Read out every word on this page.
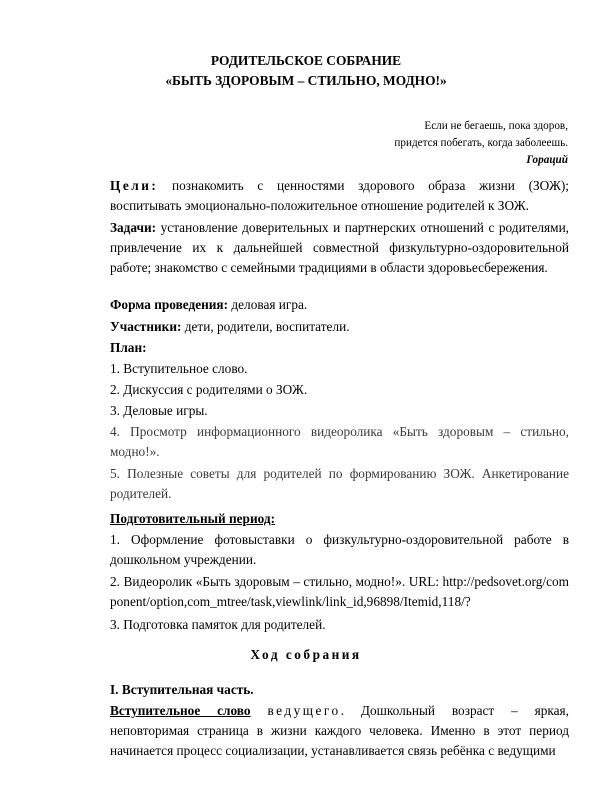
РОДИТЕЛЬСКОЕ СОБРАНИЕ
«БЫТЬ ЗДОРОВЫМ – СТИЛЬНО, МОДНО!»
Если не бегаешь, пока здоров,
придется побегать, когда заболеешь.
Гораций

Цели: познакомить с ценностями здорового образа жизни (ЗОЖ); воспитывать эмоционально-положительное отношение родителей к ЗОЖ.

Задачи: установление доверительных и партнерских отношений с родителями, привлечение их к дальнейшей совместной физкультурно-оздоровительной работе; знакомство с семейными традициями в области здоровьесбережения.

Форма проведения: деловая игра.
Участники: дети, родители, воспитатели.
План:
1. Вступительное слово.
2. Дискуссия с родителями о ЗОЖ.
3. Деловые игры.

4. Просмотр информационного видеоролика «Быть здоровым – стильно, модно!».

5. Полезные советы для родителей по формированию ЗОЖ. Анкетирование родителей.

Подготовительный период:

1. Оформление фотовыставки о физкультурно-оздоровительной работе в дошкольном учреждении.

2. Видеоролик «Быть здоровым – стильно, модно!». URL: http://pedsovet.org/component/option,com_mtree/task,viewlink/link_id,96898/Itemid,118/?

3. Подготовка памяток для родителей.
Ход собрания
I. Вступительная часть.

Вступительное слово ведущего. Дошкольный возраст – яркая, неповторимая страница в жизни каждого человека. Именно в этот период начинается процесс социализации, устанавливается связь ребёнка с ведущими
